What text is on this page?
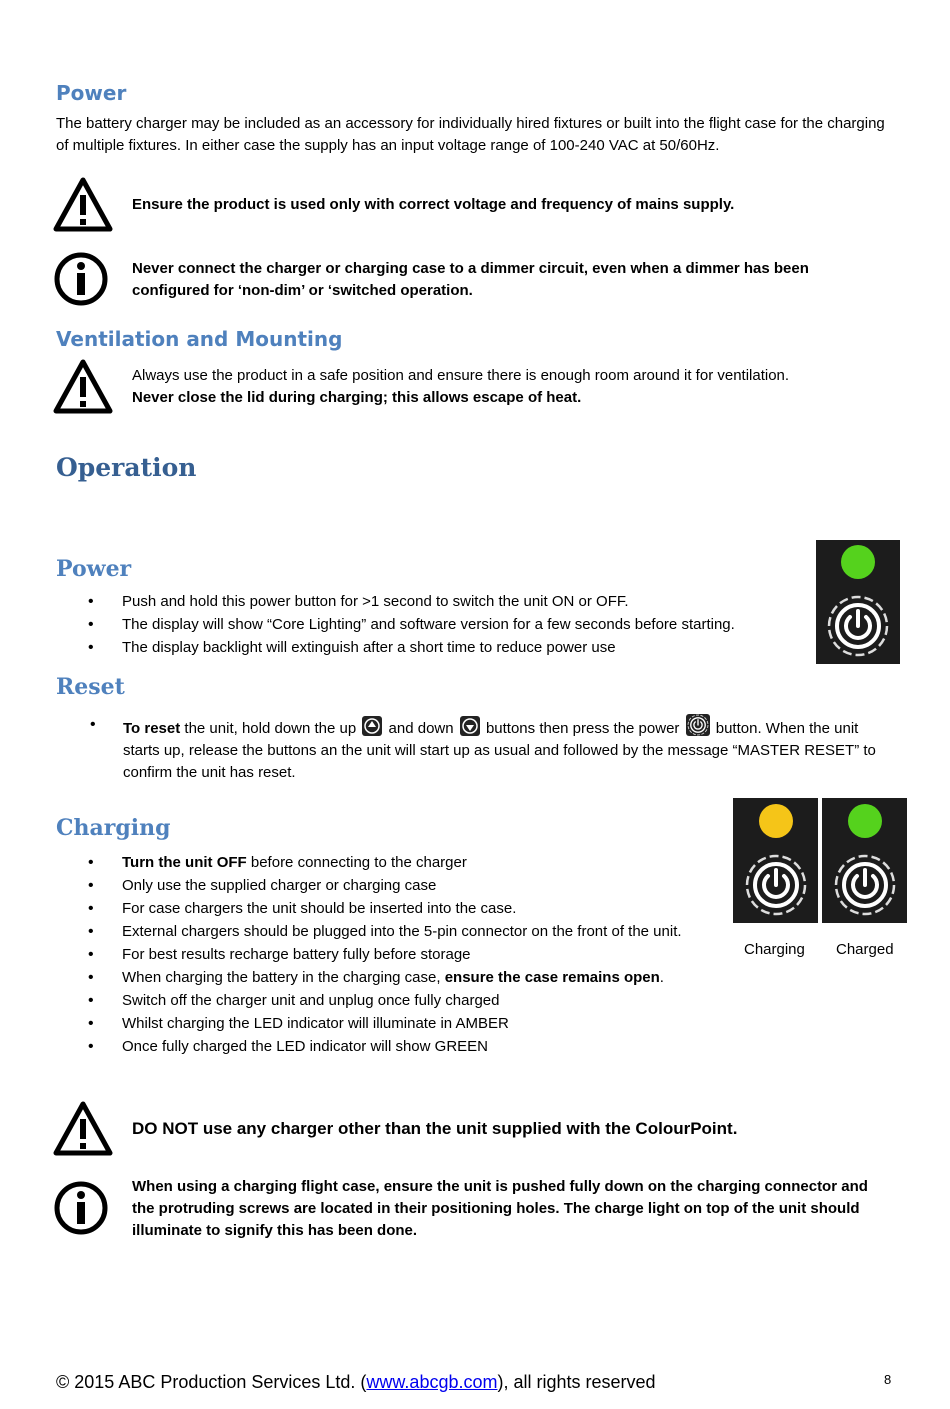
Power
The battery charger may be included as an accessory for individually hired fixtures or built into the flight case for the charging of multiple fixtures. In either case the supply has an input voltage range of 100-240 VAC at 50/60Hz.
Ensure the product is used only with correct voltage and frequency of mains supply.
Never connect the charger or charging case to a dimmer circuit, even when a dimmer has been configured for ‘non-dim’ or ‘switched operation.
Ventilation and Mounting
Always use the product in a safe position and ensure there is enough room around it for ventilation.
Never close the lid during charging; this allows escape of heat.
Operation
Power
• Push and hold this power button for >1 second to switch the unit ON or OFF.
• The display will show “Core Lighting” and software version for a few seconds before starting.
• The display backlight will extinguish after a short time to reduce power use
Reset
• To reset the unit, hold down the up
and down
buttons then press the power
button. When the unit starts up, release the buttons an the unit will start up as usual and followed by the message “MASTER RESET” to confirm the unit has reset.
Charging
• Turn the unit OFF before connecting to the charger
• Only use the supplied charger or charging case
• For case chargers the unit should be inserted into the case.
• External chargers should be plugged into the 5-pin connector on the front of the unit.
• For best results recharge battery fully before storage
• When charging the battery in the charging case, ensure the case remains open.
• Switch off the charger unit and unplug once fully charged
• Whilst charging the LED indicator will illuminate in AMBER
• Once fully charged the LED indicator will show GREEN
Charging Charged
DO NOT use any charger other than the unit supplied with the ColourPoint.
When using a charging flight case, ensure the unit is pushed fully down on the charging connector and the protruding screws are located in their positioning holes. The charge light on top of the unit should illuminate to signify this has been done.
© 2015 ABC Production Services Ltd. (www.abcgb.com), all rights reserved	8
